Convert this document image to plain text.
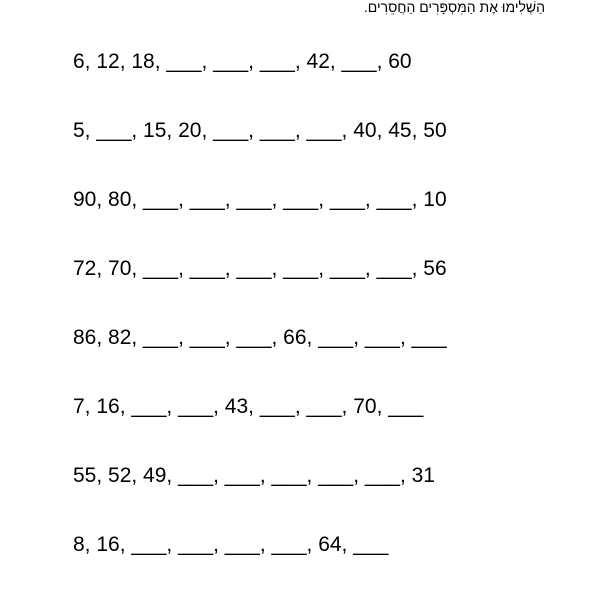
הַשְׁלִימוּ אֶת הַמִּסְפָּרִים הַחֲסֵרִים.
6, 12, 18, ___, ___, ___, 42, ___, 60
5, ___, 15, 20, ___, ___, ___, 40, 45, 50
90, 80, ___, ___, ___, ___, ___, ___, 10
72, 70, ___, ___, ___, ___, ___, ___, 56
86, 82, ___, ___, ___, 66, ___, ___, ___
7, 16, ___, ___, 43, ___, ___, 70, ___
55, 52, 49, ___, ___, ___, ___, ___, 31
8, 16, ___, ___, ___, ___, 64, ___
